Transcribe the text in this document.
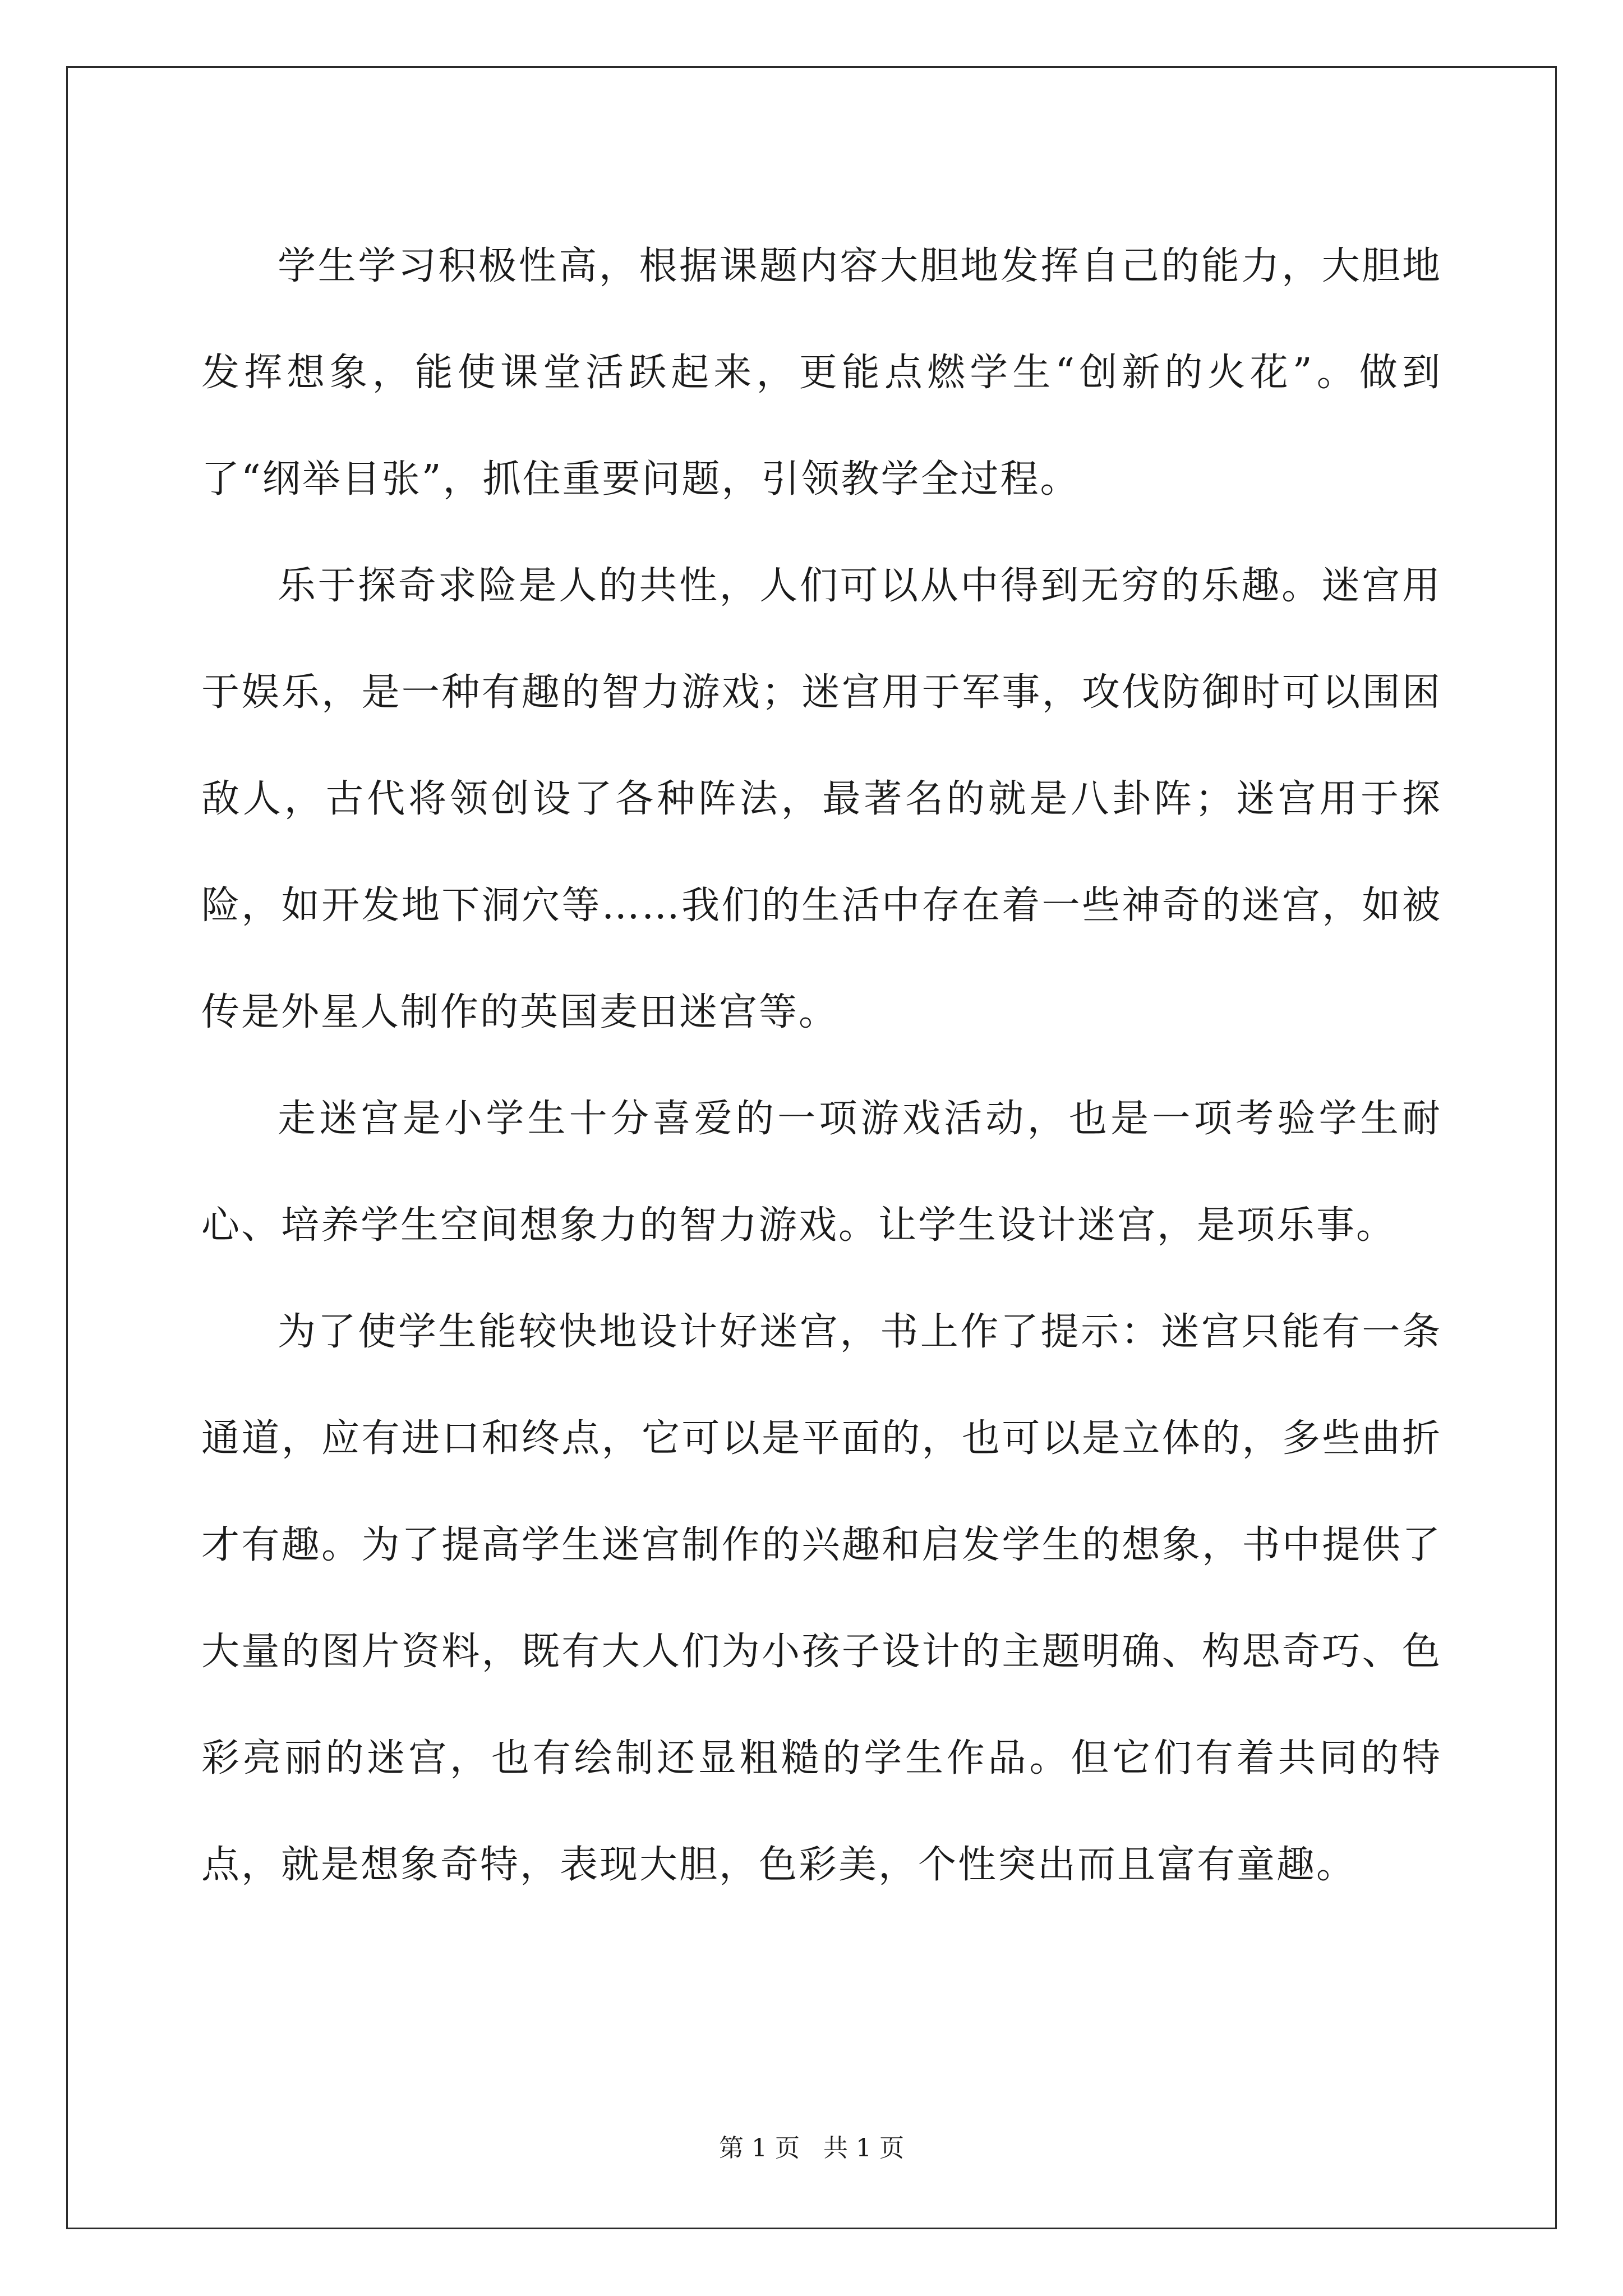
学生学习积极性高，根据课题内容大胆地发挥自己的能力，大胆地发挥想象，能使课堂活跃起来，更能点燃学生“创新的火花”。做到了“纲举目张”，抓住重要问题，引领教学全过程。

乐于探奇求险是人的共性，人们可以从中得到无穷的乐趣。迷宫用于娱乐，是一种有趣的智力游戏；迷宫用于军事，攻伐防御时可以围困敌人，古代将领创设了各种阵法，最著名的就是八卦阵；迷宫用于探险，如开发地下洞穴等……我们的生活中存在着一些神奇的迷宫，如被传是外星人制作的英国麦田迷宫等。

走迷宫是小学生十分喜爱的一项游戏活动，也是一项考验学生耐心、培养学生空间想象力的智力游戏。让学生设计迷宫，是项乐事。

为了使学生能较快地设计好迷宫，书上作了提示：迷宫只能有一条通道，应有进口和终点，它可以是平面的，也可以是立体的，多些曲折才有趣。为了提高学生迷宫制作的兴趣和启发学生的想象，书中提供了大量的图片资料，既有大人们为小孩子设计的主题明确、构思奇巧、色彩亮丽的迷宫，也有绘制还显粗糙的学生作品。但它们有着共同的特点，就是想象奇特，表现大胆，色彩美，个性突出而且富有童趣。

第 1 页   共 1 页
